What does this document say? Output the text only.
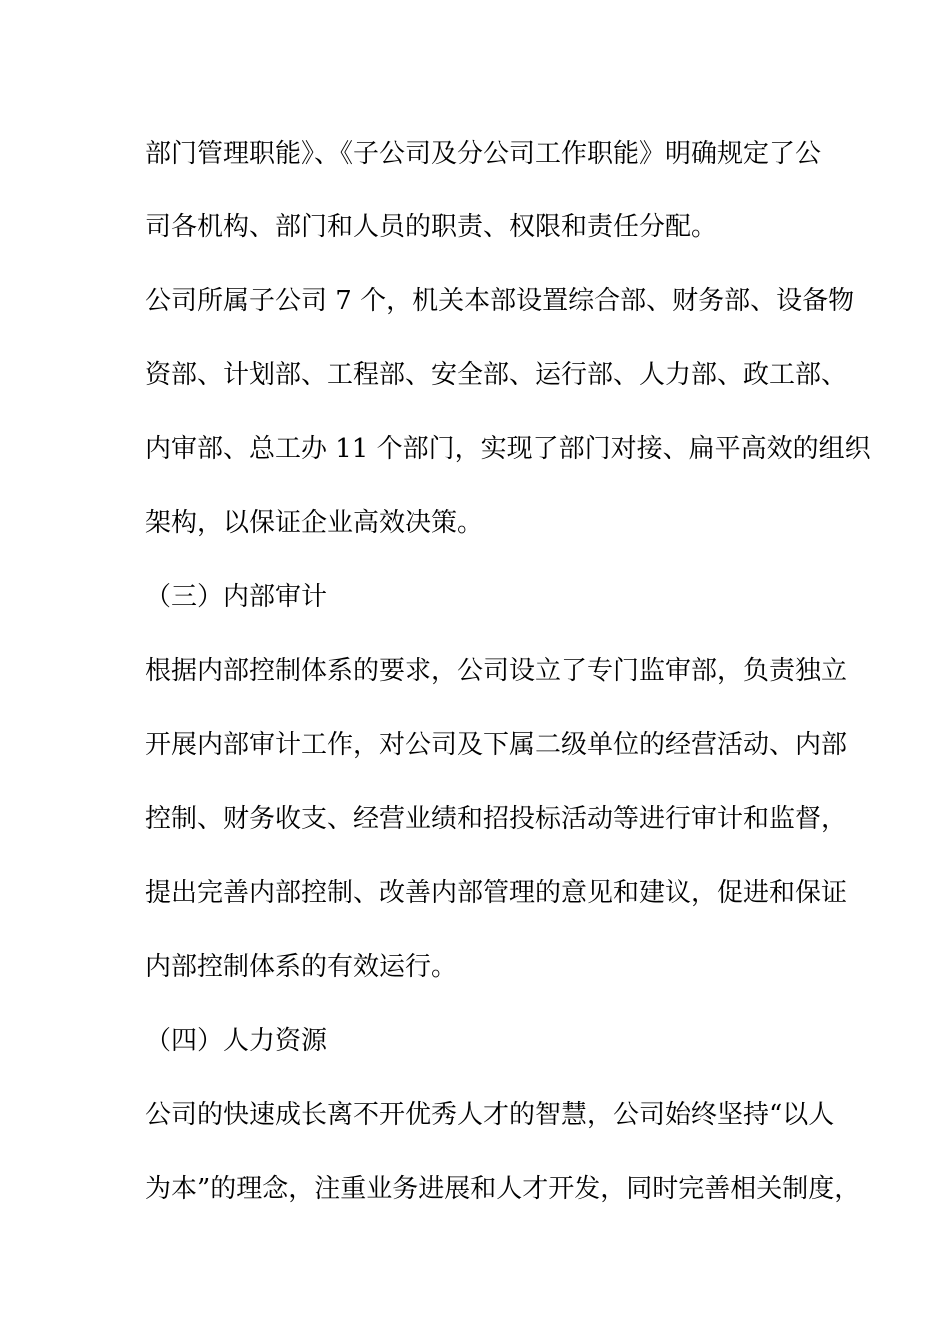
部门管理职能》、《子公司及分公司工作职能》明确规定了公
司各机构、部门和人员的职责、权限和责任分配。
公司所属子公司 7 个，机关本部设置综合部、财务部、设备物
资部、计划部、工程部、安全部、运行部、人力部、政工部、
内审部、总工办 11 个部门，实现了部门对接、扁平高效的组织
架构，以保证企业高效决策。
（三）内部审计
根据内部控制体系的要求，公司设立了专门监审部，负责独立
开展内部审计工作，对公司及下属二级单位的经营活动、内部
控制、财务收支、经营业绩和招投标活动等进行审计和监督，
提出完善内部控制、改善内部管理的意见和建议，促进和保证
内部控制体系的有效运行。
（四）人力资源
公司的快速成长离不开优秀人才的智慧，公司始终坚持“以人
为本”的理念，注重业务进展和人才开发，同时完善相关制度，
